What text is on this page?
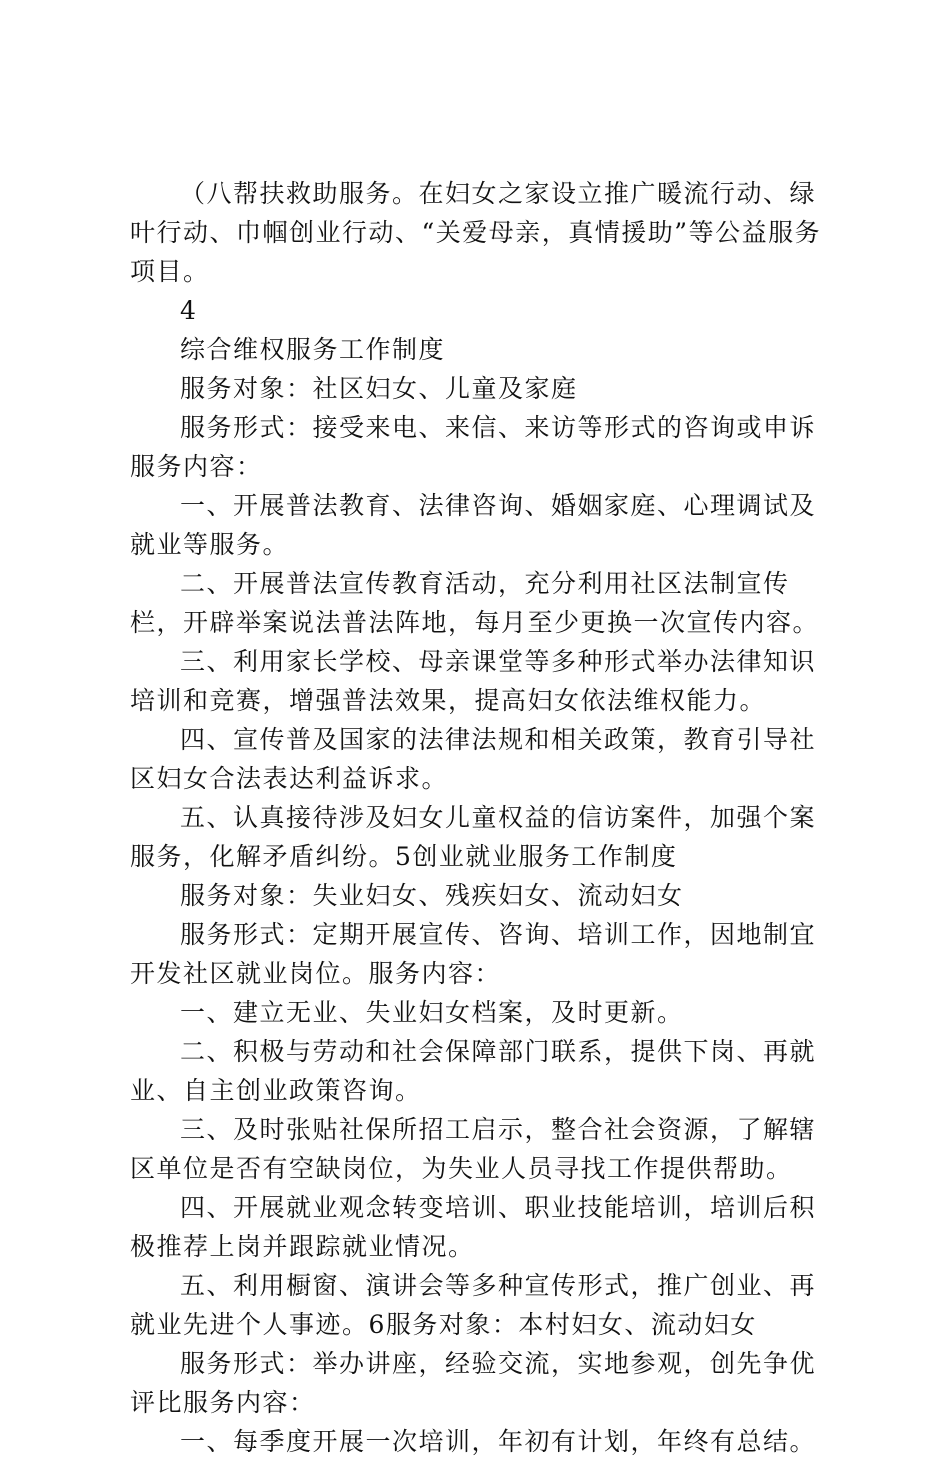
（八帮扶救助服务。在妇女之家设立推广暖流行动、绿叶行动、巾帼创业行动、“关爱母亲，真情援助”等公益服务项目。

4

综合维权服务工作制度

服务对象：社区妇女、儿童及家庭

服务形式：接受来电、来信、来访等形式的咨询或申诉服务内容：

一、开展普法教育、法律咨询、婚姻家庭、心理调试及就业等服务。

二、开展普法宣传教育活动，充分利用社区法制宣传栏，开辟举案说法普法阵地，每月至少更换一次宣传内容。

三、利用家长学校、母亲课堂等多种形式举办法律知识培训和竞赛，增强普法效果，提高妇女依法维权能力。

四、宣传普及国家的法律法规和相关政策，教育引导社区妇女合法表达利益诉求。

五、认真接待涉及妇女儿童权益的信访案件，加强个案服务，化解矛盾纠纷。5创业就业服务工作制度

服务对象：失业妇女、残疾妇女、流动妇女

服务形式：定期开展宣传、咨询、培训工作，因地制宜开发社区就业岗位。服务内容：

一、建立无业、失业妇女档案，及时更新。

二、积极与劳动和社会保障部门联系，提供下岗、再就业、自主创业政策咨询。

三、及时张贴社保所招工启示，整合社会资源，了解辖区单位是否有空缺岗位，为失业人员寻找工作提供帮助。

四、开展就业观念转变培训、职业技能培训，培训后积极推荐上岗并跟踪就业情况。

五、利用橱窗、演讲会等多种宣传形式，推广创业、再就业先进个人事迹。6服务对象：本村妇女、流动妇女

服务形式：举办讲座，经验交流，实地参观，创先争优评比服务内容：

一、每季度开展一次培训，年初有计划，年终有总结。
